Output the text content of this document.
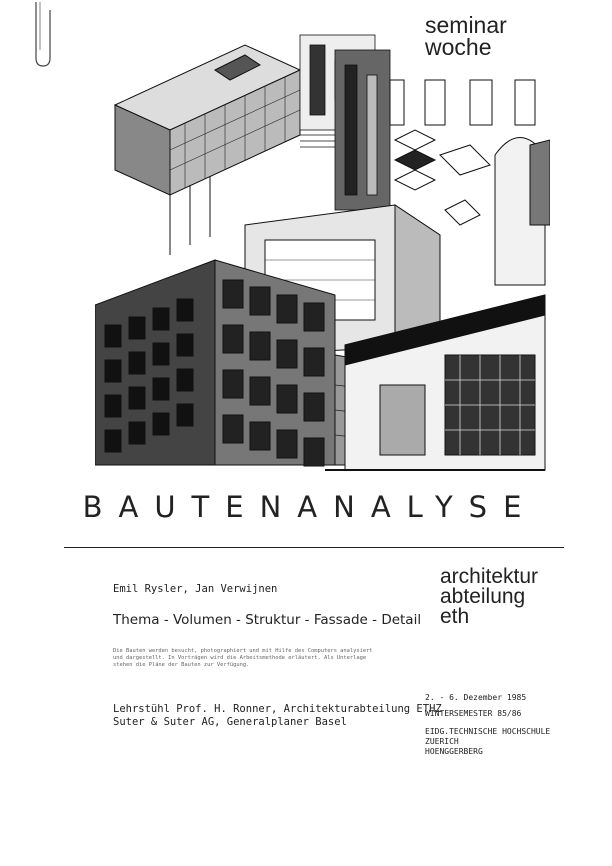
seminar
woche
BAUTENANALYSE
architektur
abteilung
eth
Emil Rysler, Jan Verwijnen
Thema - Volumen - Struktur - Fassade - Detail
Die Bauten werden besucht, photographiert und mit Hilfe des Computers analysiert
und dargestellt. In Vorträgen wird die Arbeitsmethode erläutert. Als Unterlage
stehen die Pläne der Bauten zur Verfügung.
Lehrstühl Prof. H. Ronner, Architekturabteilung ETHZ
Suter & Suter AG, Generalplaner Basel
2. - 6. Dezember 1985
WINTERSEMESTER 85/86
EIDG.TECHNISCHE HOCHSCHULE
ZUERICH
HOENGGERBERG
